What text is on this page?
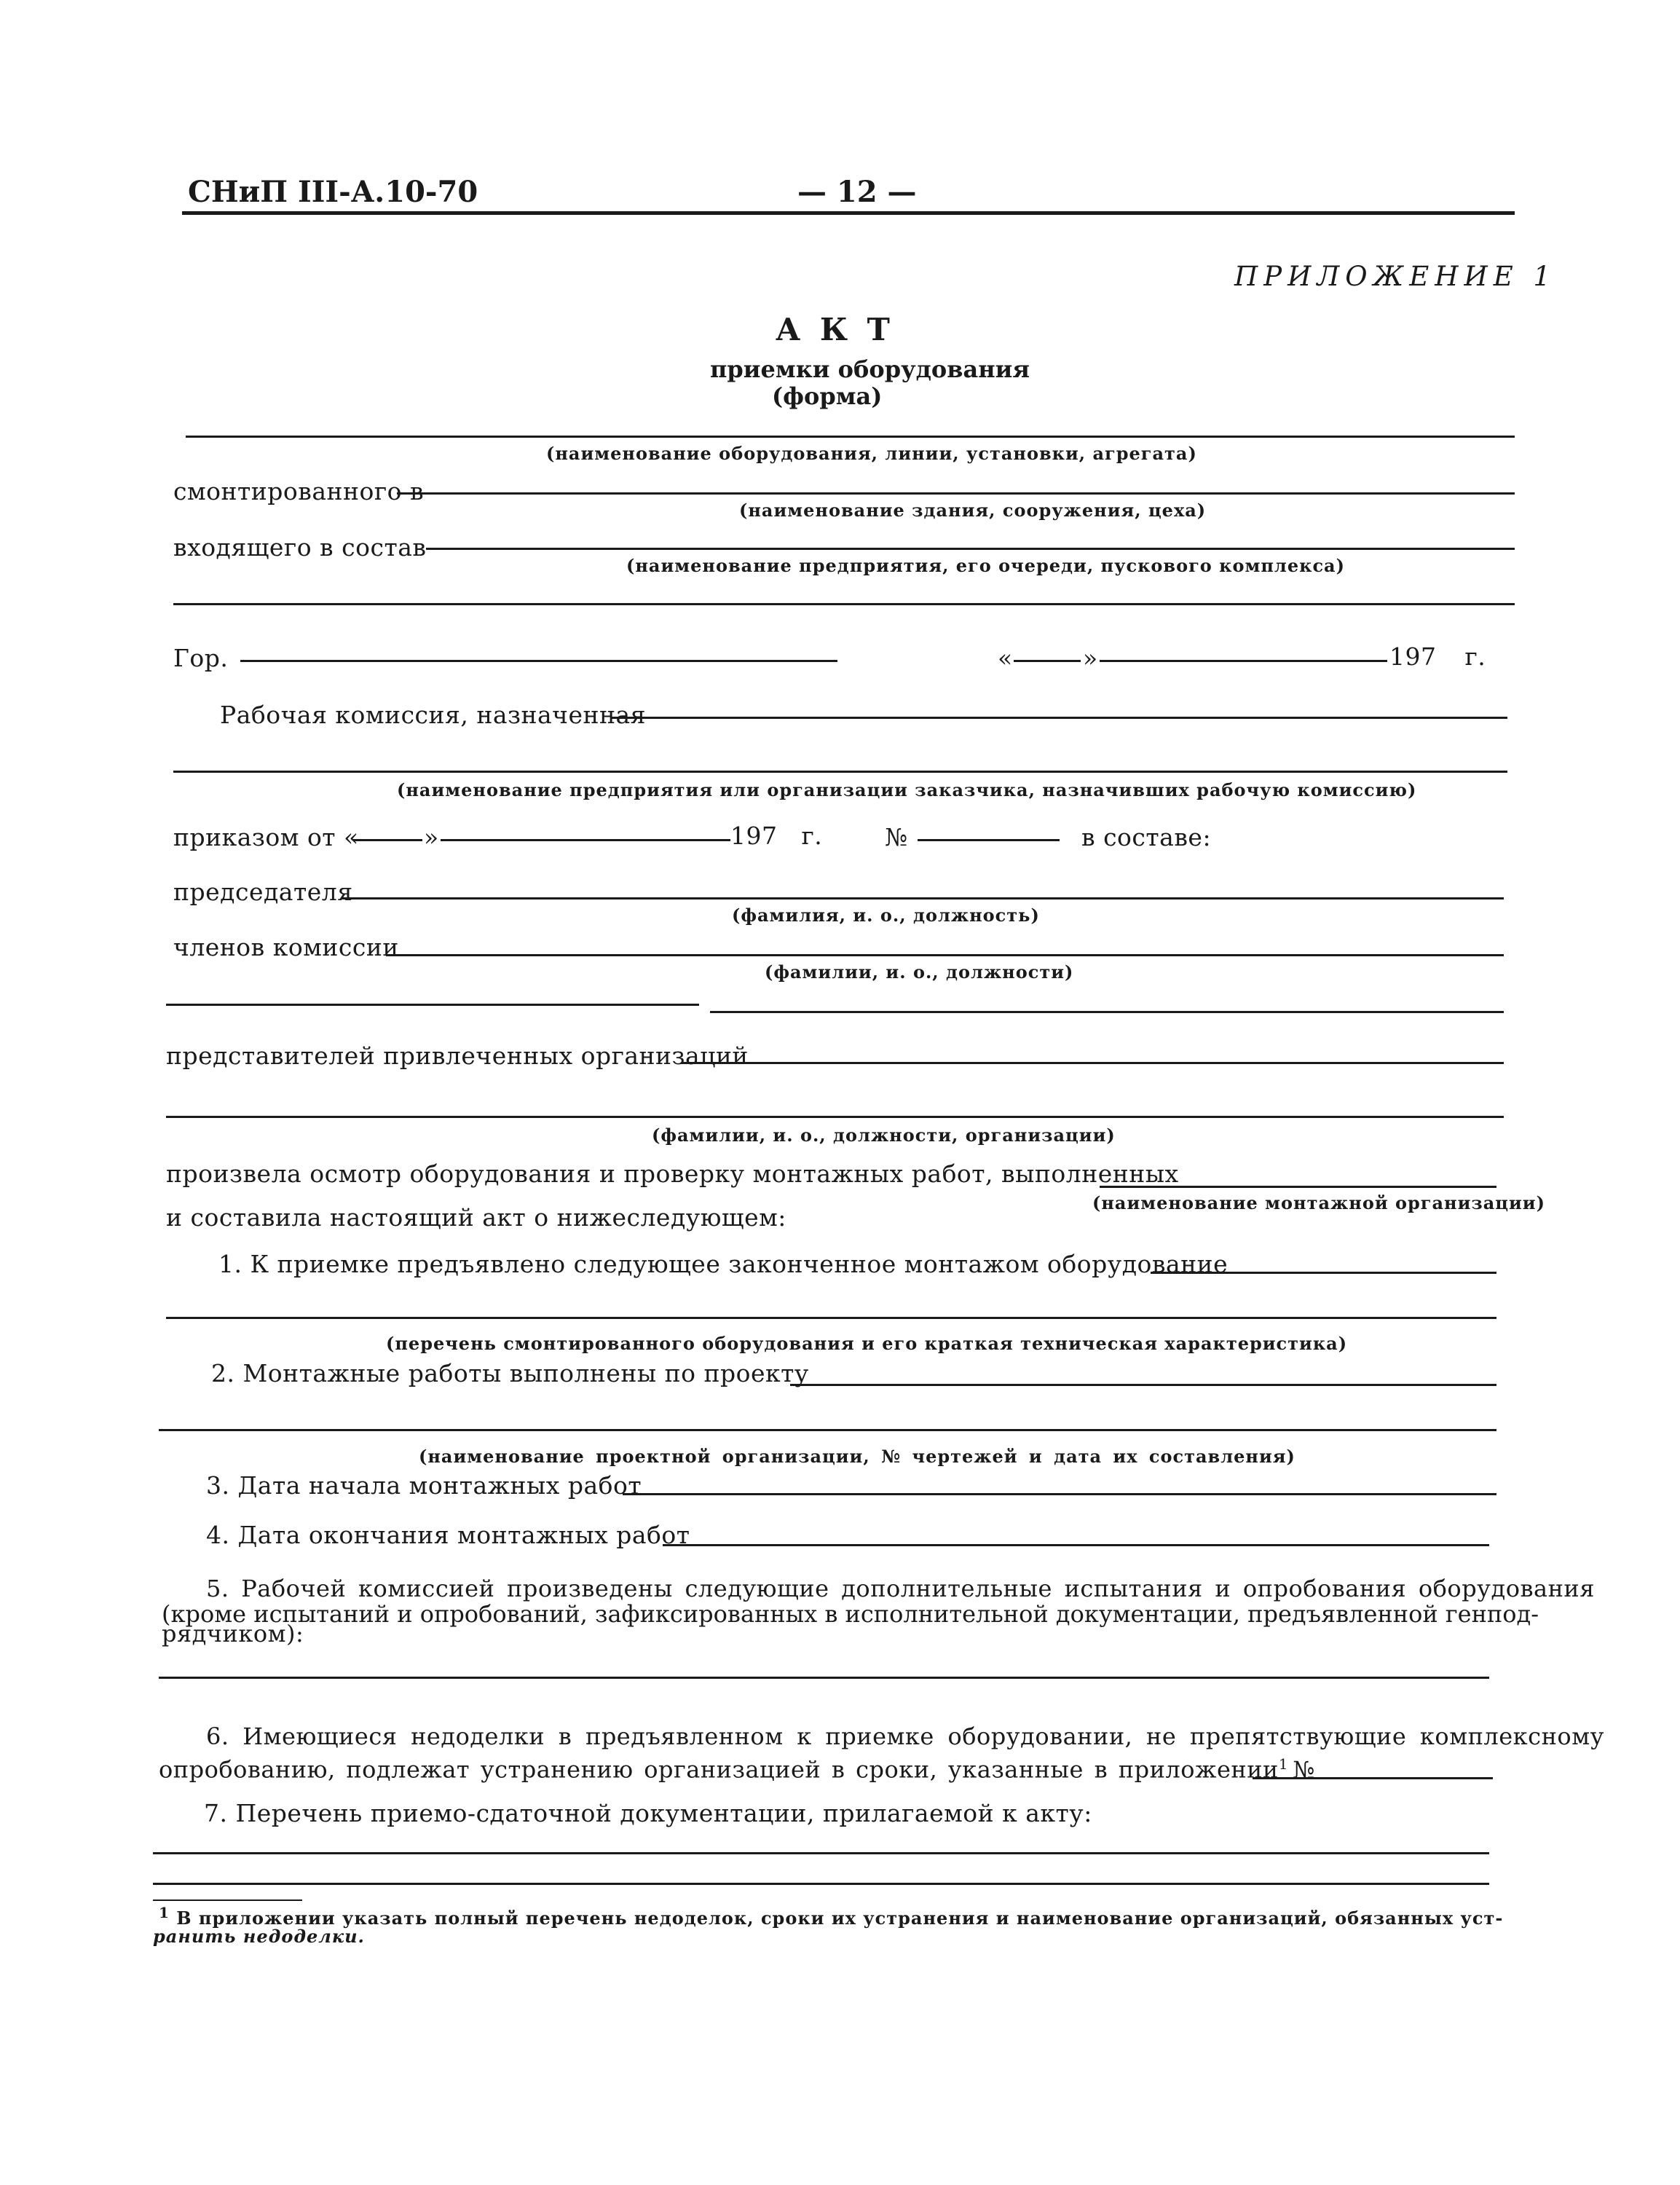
СНиП III-А.10-70	— 12 —
ПРИЛОЖЕНИЕ 1
А К Т
приемки оборудования
(форма)
(наименование оборудования, линии, установки, агрегата)
смонтированного в
(наименование здания, сооружения, цеха)
входящего в состав
(наименование предприятия, его очереди, пускового комплекса)
Гор.	«	»	197 г.
Рабочая комиссия, назначенная
(наименование предприятия или организации заказчика, назначивших рабочую комиссию)
приказом от «	»	197 г.	№	в составе:
председателя
(фамилия, и. о., должность)
членов комиссии
(фамилии, и. о., должности)
представителей привлеченных организаций
(фамилии, и. о., должности, организации)
произвела осмотр оборудования и проверку монтажных работ, выполненных
(наименование монтажной организации)
и составила настоящий акт о нижеследующем:
1. К приемке предъявлено следующее законченное монтажом оборудование
(перечень смонтированного оборудования и его краткая техническая характеристика)
2. Монтажные работы выполнены по проекту
(наименование проектной организации, № чертежей и дата их составления)
3. Дата начала монтажных работ
4. Дата окончания монтажных работ
5. Рабочей комиссией произведены следующие дополнительные испытания и опробования оборудования
(кроме испытаний и опробований, зафиксированных в исполнительной документации, предъявленной генпод-
рядчиком):
6. Имеющиеся недоделки в предъявленном к приемке оборудовании, не препятствующие комплексному
опробованию, подлежат устранению организацией в сроки, указанные в приложении$^1$ №
7. Перечень приемо-сдаточной документации, прилагаемой к акту:
$^1$ В приложении указать полный перечень недоделок, сроки их устранения и наименование организаций, обязанных уст-
ранить недоделки.
